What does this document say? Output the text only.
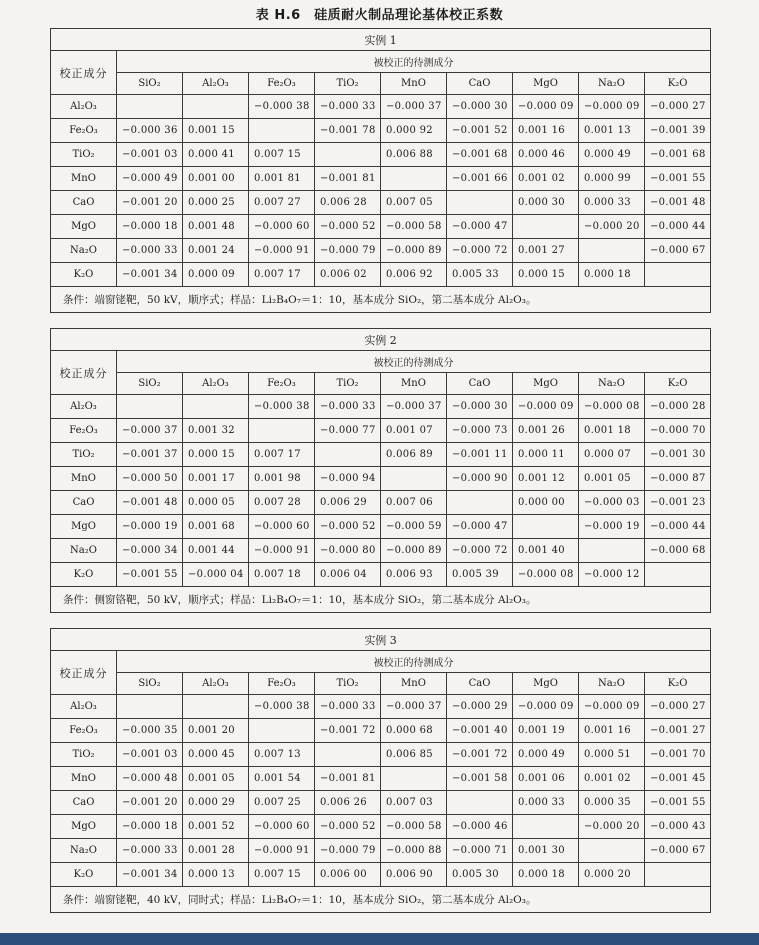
表 H.6　硅质耐火制品理论基体校正系数
实例 1									
校正成分	被校正的待测成分								
	SiO₂	Al₂O₃	Fe₂O₃	TiO₂	MnO	CaO	MgO	Na₂O	K₂O
Al₂O₃			−0.000 38	−0.000 33	−0.000 37	−0.000 30	−0.000 09	−0.000 09	−0.000 27
Fe₂O₃	−0.000 36	0.001 15		−0.001 78	0.000 92	−0.001 52	0.001 16	0.001 13	−0.001 39
TiO₂	−0.001 03	0.000 41	0.007 15		0.006 88	−0.001 68	0.000 46	0.000 49	−0.001 68
MnO	−0.000 49	0.001 00	0.001 81	−0.001 81		−0.001 66	0.001 02	0.000 99	−0.001 55
CaO	−0.001 20	0.000 25	0.007 27	0.006 28	0.007 05		0.000 30	0.000 33	−0.001 48
MgO	−0.000 18	0.001 48	−0.000 60	−0.000 52	−0.000 58	−0.000 47		−0.000 20	−0.000 44
Na₂O	−0.000 33	0.001 24	−0.000 91	−0.000 79	−0.000 89	−0.000 72	0.001 27		−0.000 67
K₂O	−0.001 34	0.000 09	0.007 17	0.006 02	0.006 92	0.005 33	0.000 15	0.000 18	
条件：端窗铑靶，50 kV，顺序式；样品：Li₂B₄O₇＝1：10，基本成分 SiO₂，第二基本成分 Al₂O₃。									
实例 2									
校正成分	被校正的待测成分								
	SiO₂	Al₂O₃	Fe₂O₃	TiO₂	MnO	CaO	MgO	Na₂O	K₂O
Al₂O₃			−0.000 38	−0.000 33	−0.000 37	−0.000 30	−0.000 09	−0.000 08	−0.000 28
Fe₂O₃	−0.000 37	0.001 32		−0.000 77	0.001 07	−0.000 73	0.001 26	0.001 18	−0.000 70
TiO₂	−0.001 37	0.000 15	0.007 17		0.006 89	−0.001 11	0.000 11	0.000 07	−0.001 30
MnO	−0.000 50	0.001 17	0.001 98	−0.000 94		−0.000 90	0.001 12	0.001 05	−0.000 87
CaO	−0.001 48	0.000 05	0.007 28	0.006 29	0.007 06		0.000 00	−0.000 03	−0.001 23
MgO	−0.000 19	0.001 68	−0.000 60	−0.000 52	−0.000 59	−0.000 47		−0.000 19	−0.000 44
Na₂O	−0.000 34	0.001 44	−0.000 91	−0.000 80	−0.000 89	−0.000 72	0.001 40		−0.000 68
K₂O	−0.001 55	−0.000 04	0.007 18	0.006 04	0.006 93	0.005 39	−0.000 08	−0.000 12	
条件：侧窗铬靶，50 kV，顺序式；样品：Li₂B₄O₇＝1：10，基本成分 SiO₂，第二基本成分 Al₂O₃。									
实例 3									
校正成分	被校正的待测成分								
	SiO₂	Al₂O₃	Fe₂O₃	TiO₂	MnO	CaO	MgO	Na₂O	K₂O
Al₂O₃			−0.000 38	−0.000 33	−0.000 37	−0.000 29	−0.000 09	−0.000 09	−0.000 27
Fe₂O₃	−0.000 35	0.001 20		−0.001 72	0.000 68	−0.001 40	0.001 19	0.001 16	−0.001 27
TiO₂	−0.001 03	0.000 45	0.007 13		0.006 85	−0.001 72	0.000 49	0.000 51	−0.001 70
MnO	−0.000 48	0.001 05	0.001 54	−0.001 81		−0.001 58	0.001 06	0.001 02	−0.001 45
CaO	−0.001 20	0.000 29	0.007 25	0.006 26	0.007 03		0.000 33	0.000 35	−0.001 55
MgO	−0.000 18	0.001 52	−0.000 60	−0.000 52	−0.000 58	−0.000 46		−0.000 20	−0.000 43
Na₂O	−0.000 33	0.001 28	−0.000 91	−0.000 79	−0.000 88	−0.000 71	0.001 30		−0.000 67
K₂O	−0.001 34	0.000 13	0.007 15	0.006 00	0.006 90	0.005 30	0.000 18	0.000 20	
条件：端窗铑靶，40 kV，同时式；样品：Li₂B₄O₇＝1：10，基本成分 SiO₂，第二基本成分 Al₂O₃。									
